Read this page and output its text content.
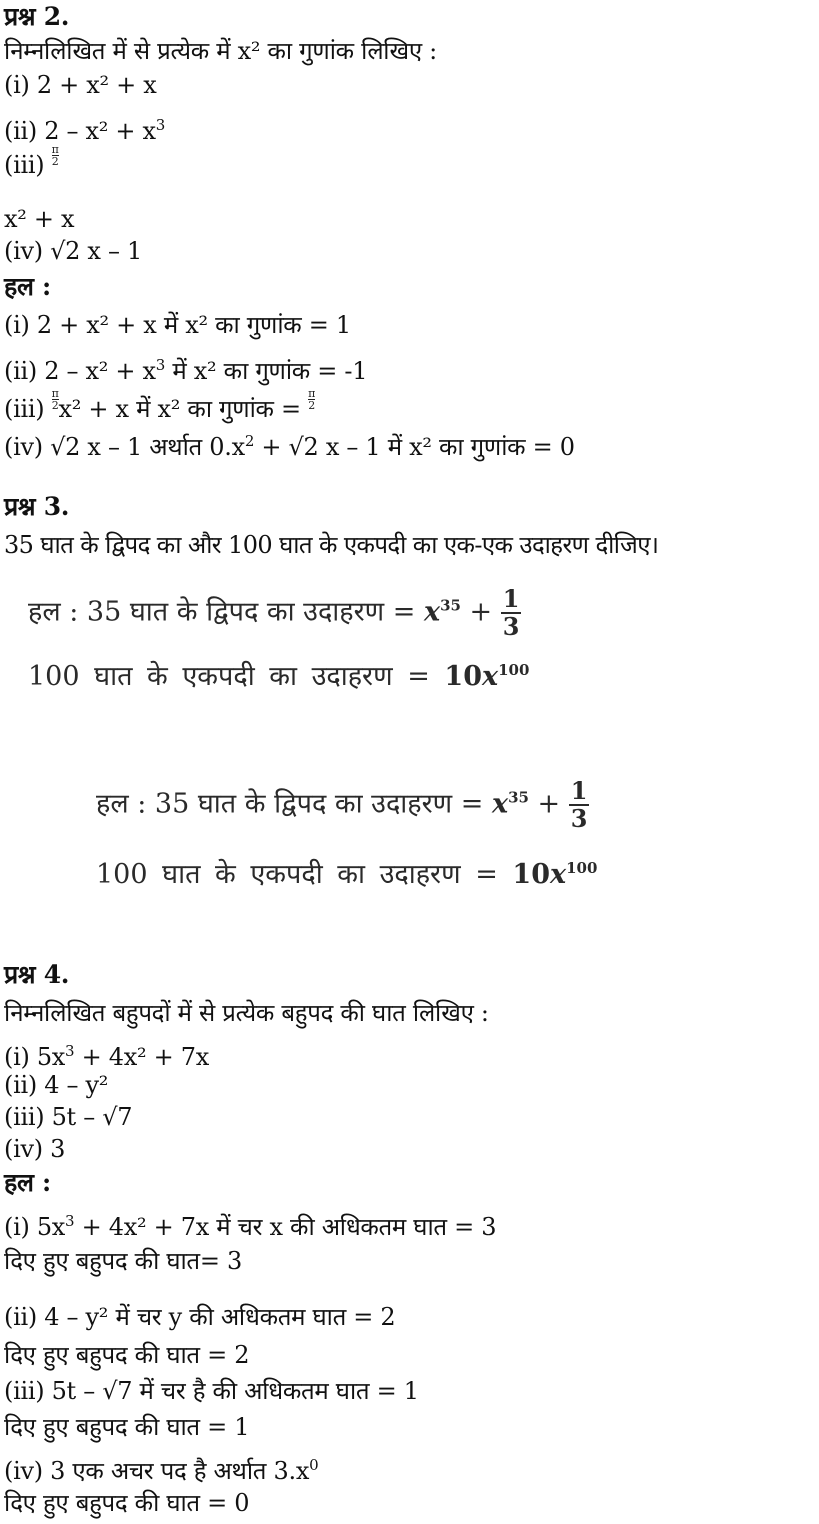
प्रश्न 2.
निम्नलिखित में से प्रत्येक में x² का गुणांक लिखिए :
(i) 2 + x² + x
(ii) $2 - x^2 + x^3$
$(iii) \frac{\pi}{2}$
x² + x
(iv) √2 x – 1
हल :
(i) 2 + x² + x में x² का गुणांक = 1
(ii) $2 - x^2 + x^3$ में x² का गुणांक = -1
$(iii) \frac{\pi}{2} x^2 + x$ में x² का गुणांक = $\frac{\pi}{2}$
(iv) √2 x – 1 अर्थात $0.x^2 + √2$ x – 1 में x² का गुणांक = 0
प्रश्न 3.
35 घात के द्विपद का और 100 घात के एकपदी का एक-एक उदाहरण दीजिए।
हल : 35 घात के द्विपद का उदाहरण = $x^{35} + \frac{1}{3}$
100 घात के एकपदी का उदाहरण = $10x^{100}$
हल : 35 घात के द्विपद का उदाहरण = $x^{35} + \frac{1}{3}$
100 घात के एकपदी का उदाहरण = $10x^{100}$
प्रश्न 4.
निम्नलिखित बहुपदों में से प्रत्येक बहुपद की घात लिखिए :
(i) $5x^3 + 4x^2 + 7x$
(ii) 4 – y²
(iii) 5t – √7
(iv) 3
हल :
(i) $5x^3 + 4x^2 + 7x$ में चर x की अधिकतम घात = 3
दिए हुए बहुपद की घात= 3
(ii) 4 – y² में चर y की अधिकतम घात = 2
दिए हुए बहुपद की घात = 2
(iii) 5t – √7 में चर है की अधिकतम घात = 1
दिए हुए बहुपद की घात = 1
(iv) 3 एक अचर पद है अर्थात $3.x^0$
दिए हुए बहुपद की घात = 0
